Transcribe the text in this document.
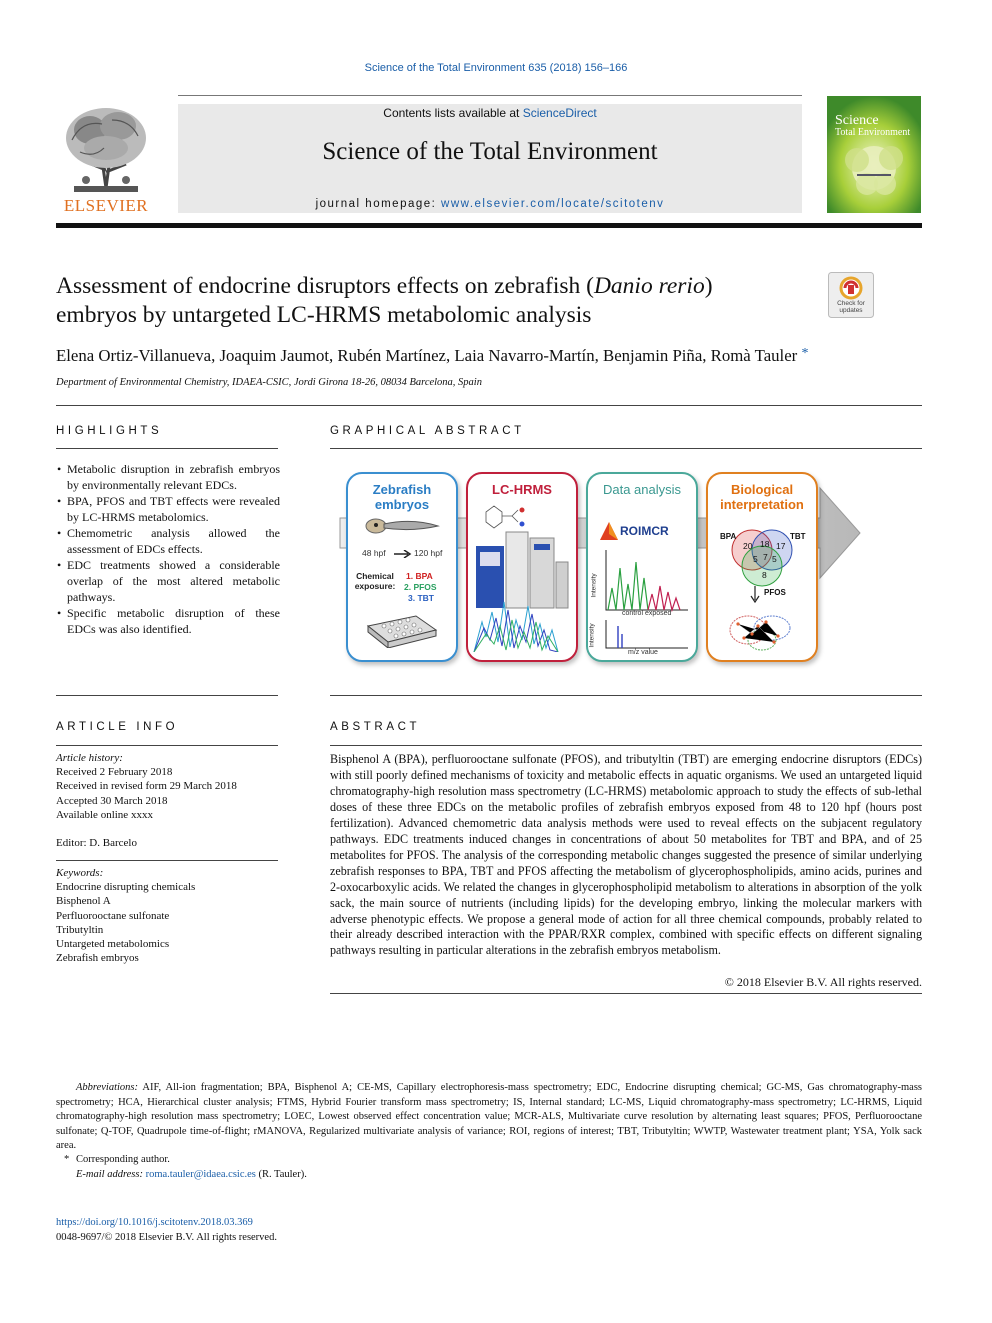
Science of the Total Environment 635 (2018) 156–166
ELSEVIER
Contents lists available at ScienceDirect
Science of the Total Environment
journal homepage: www.elsevier.com/locate/scitotenv
Science
Total Environment
Assessment of endocrine disruptors effects on zebrafish (Danio rerio)
embryos by untargeted LC-HRMS metabolomic analysis	Check for updates
Elena Ortiz-Villanueva, Joaquim Jaumot, Rubén Martínez, Laia Navarro-Martín, Benjamin Piña, Romà Tauler *
Department of Environmental Chemistry, IDAEA-CSIC, Jordi Girona 18-26, 08034 Barcelona, Spain
HIGHLIGHTS
• Metabolic disruption in zebrafish embryos by environmentally relevant EDCs.
• BPA, PFOS and TBT effects were revealed by LC-HRMS metabolomics.
• Chemometric analysis allowed the assessment of EDCs effects.
• EDC treatments showed a considerable overlap of the most altered metabolic pathways.
• Specific metabolic disruption of these EDCs was also identified.
GRAPHICAL ABSTRACT
Zebrafish embryos
48 hpf	120 hpf
Chemical exposure:
1. BPA
2. PFOS
3. TBT
LC-HRMS	Data analysis
ROIMCR
Intensity
control exposed
Intensity
m/z value
Biological interpretation
BPA	TBT
20 18 17
5 7 5
8
PFOS
ARTICLE INFO
Article history:
Received 2 February 2018
Received in revised form 29 March 2018
Accepted 30 March 2018
Available online xxxx
Editor: D. Barcelo
Keywords:
Endocrine disrupting chemicals
Bisphenol A
Perfluorooctane sulfonate
Tributyltin
Untargeted metabolomics
Zebrafish embryos
ABSTRACT

Bisphenol A (BPA), perfluorooctane sulfonate (PFOS), and tributyltin (TBT) are emerging endocrine disruptors (EDCs) with still poorly defined mechanisms of toxicity and metabolic effects in aquatic organisms. We used an untargeted liquid chromatography-high resolution mass spectrometry (LC-HRMS) metabolomic approach to study the effects of sub-lethal doses of these three EDCs on the metabolic profiles of zebrafish embryos exposed from 48 to 120 hpf (hours post fertilization). Advanced chemometric data analysis methods were used to reveal effects on the subjacent regulatory pathways. EDC treatments induced changes in concentrations of about 50 metabolites for TBT and BPA, and of 25 metabolites for PFOS. The analysis of the corresponding metabolic changes suggested the presence of similar underlying zebrafish responses to BPA, TBT and PFOS affecting the metabolism of glycerophospholipids, amino acids, purines and 2-oxocarboxylic acids. We related the changes in glycerophospholipid metabolism to alterations in absorption of the yolk sack, the main source of nutrients (including lipids) for the developing embryo, linking the molecular markers with adverse phenotypic effects. We propose a general mode of action for all three chemical compounds, probably related to their already described interaction with the PPAR/RXR complex, combined with specific effects on different signaling pathways resulting in particular alterations in the zebrafish embryos metabolism.

© 2018 Elsevier B.V. All rights reserved.

Abbreviations: AIF, All-ion fragmentation; BPA, Bisphenol A; CE-MS, Capillary electrophoresis-mass spectrometry; EDC, Endocrine disrupting chemical; GC-MS, Gas chromatography-mass spectrometry; HCA, Hierarchical cluster analysis; FTMS, Hybrid Fourier transform mass spectrometry; IS, Internal standard; LC-MS, Liquid chromatography-mass spectrometry; LC-HRMS, Liquid chromatography-high resolution mass spectrometry; LOEC, Lowest observed effect concentration value; MCR-ALS, Multivariate curve resolution by alternating least squares; PFOS, Perfluorooctane sulfonate; Q-TOF, Quadrupole time-of-flight; rMANOVA, Regularized multivariate analysis of variance; ROI, regions of interest; TBT, Tributyltin; WWTP, Wastewater treatment plant; YSA, Yolk sack area.

* Corresponding author.
E-mail address: roma.tauler@idaea.csic.es (R. Tauler).
https://doi.org/10.1016/j.scitotenv.2018.03.369
0048-9697/© 2018 Elsevier B.V. All rights reserved.
